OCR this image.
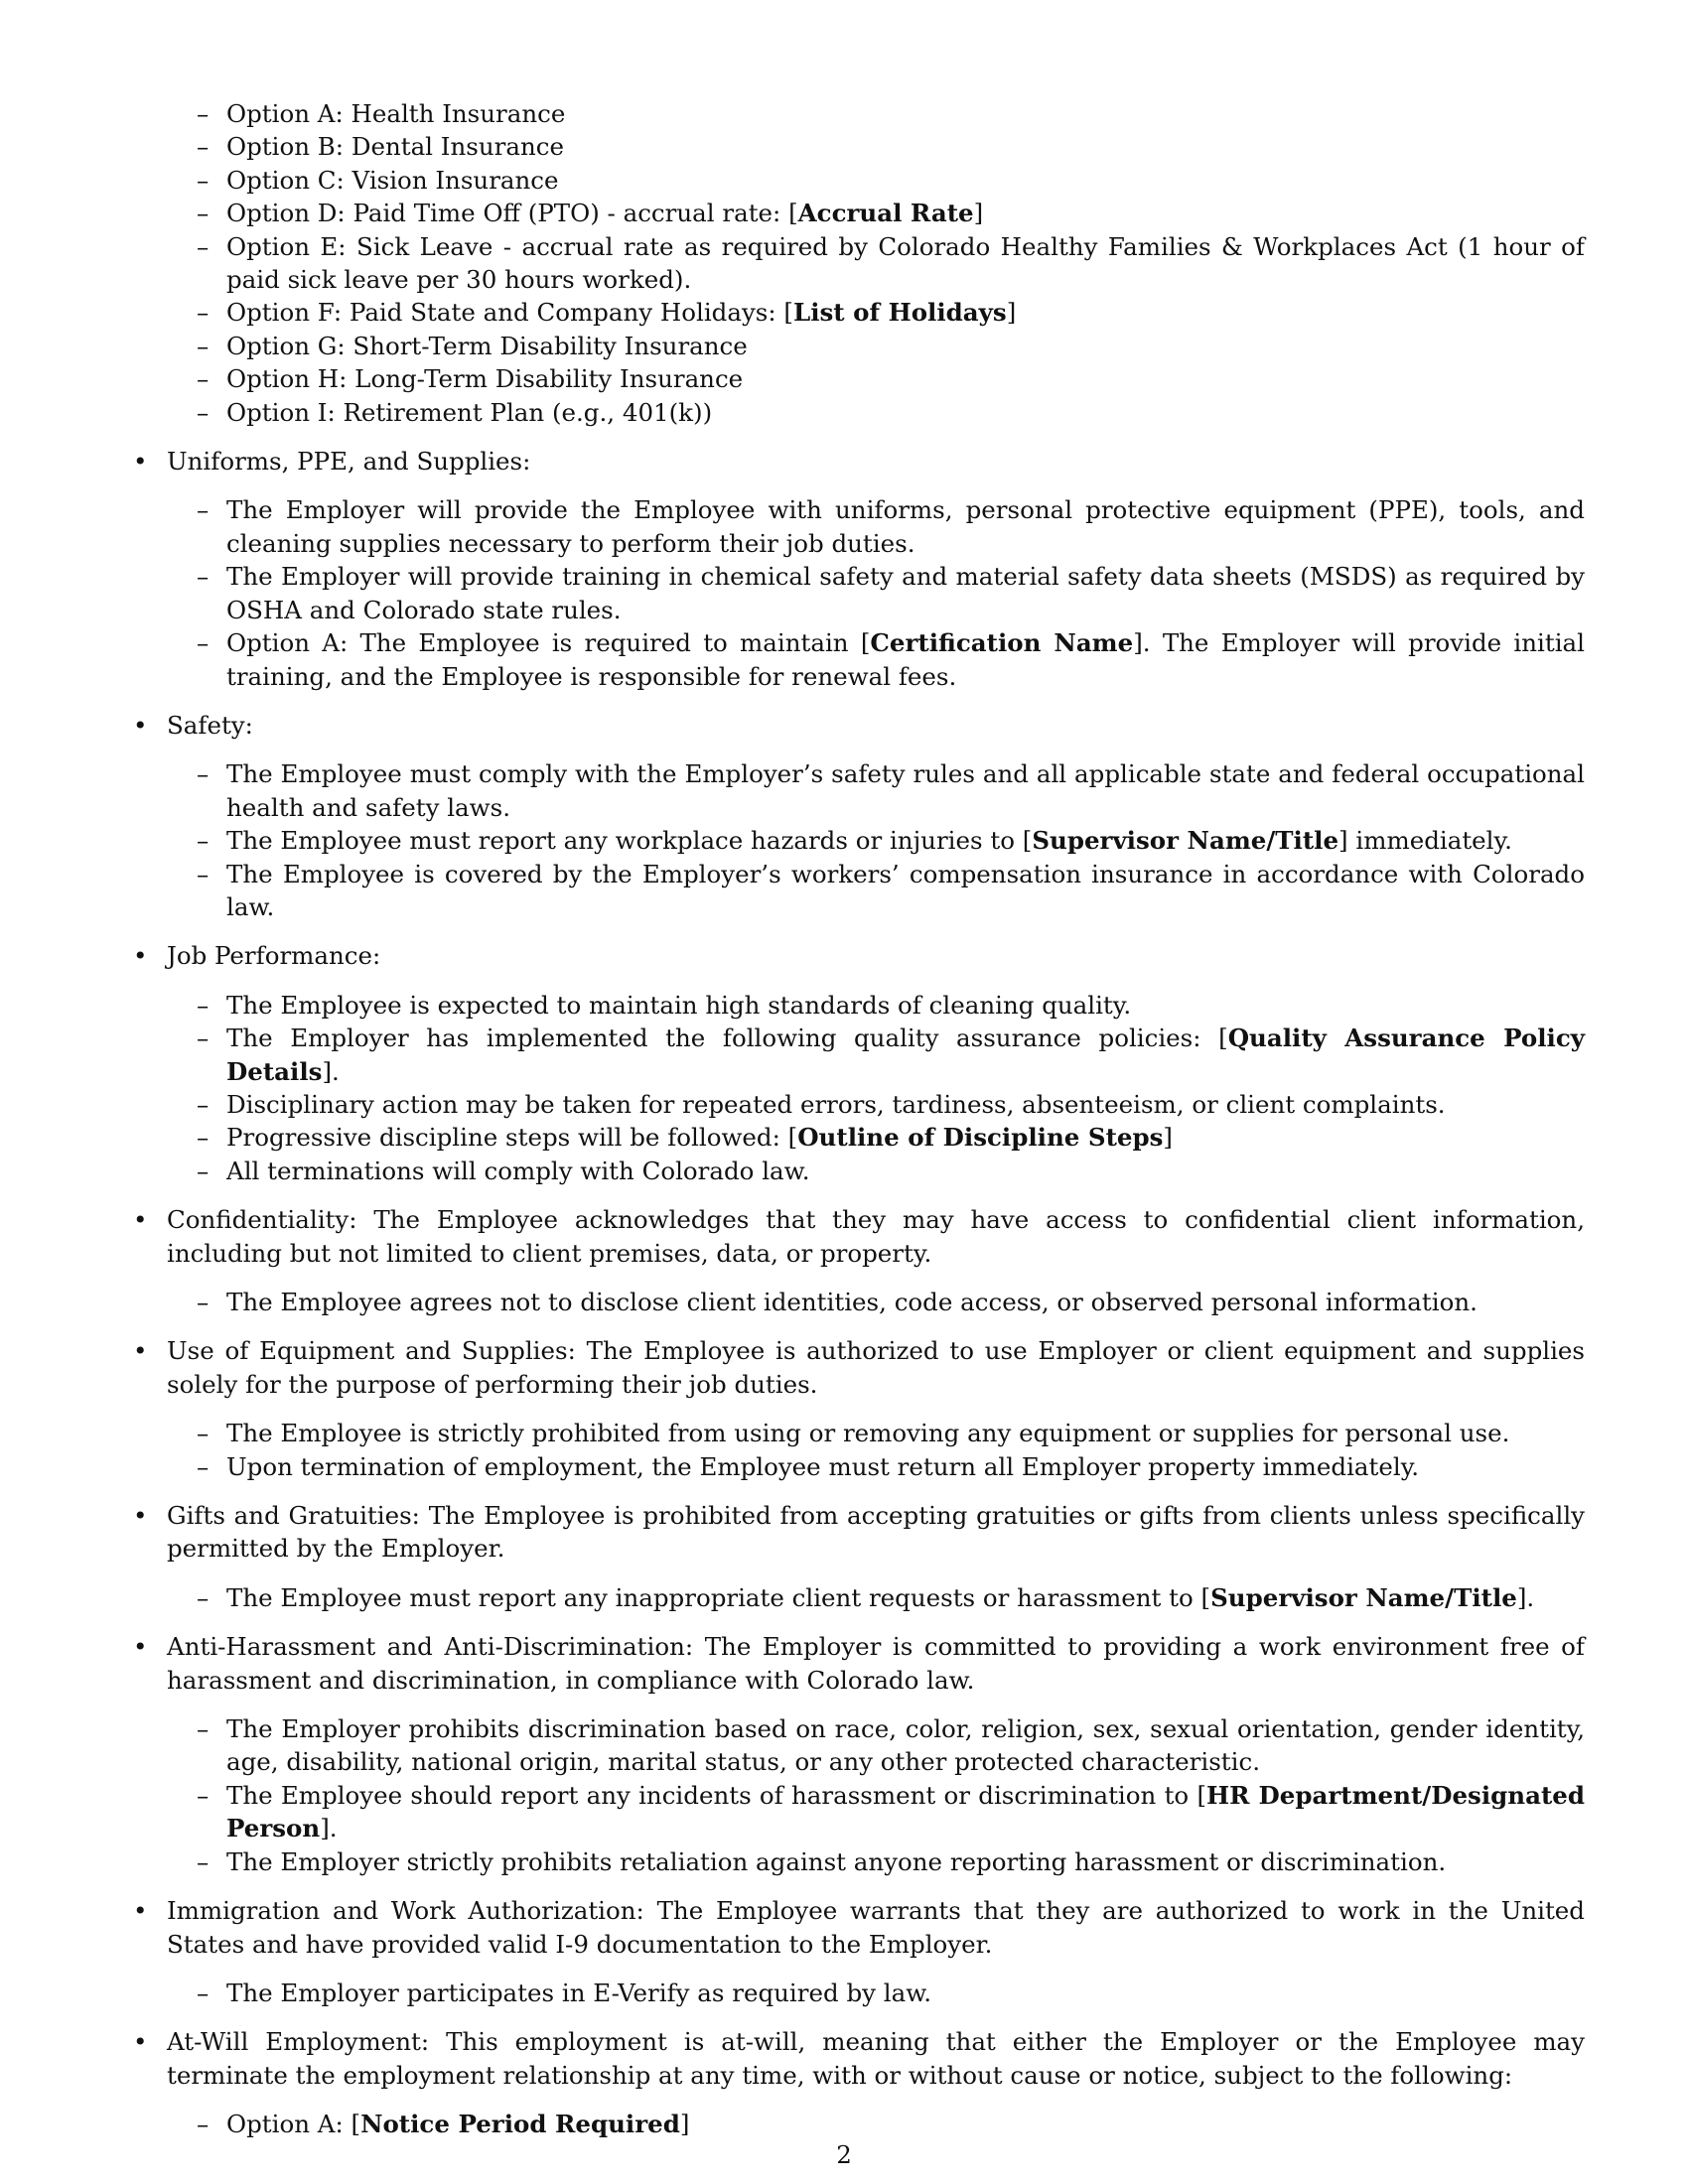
– Option A: Health Insurance
– Option B: Dental Insurance
– Option C: Vision Insurance
– Option D: Paid Time Off (PTO) - accrual rate: [Accrual Rate]
– Option E: Sick Leave - accrual rate as required by Colorado Healthy Families & Workplaces Act (1 hour of paid sick leave per 30 hours worked).
– Option F: Paid State and Company Holidays: [List of Holidays]
– Option G: Short-Term Disability Insurance
– Option H: Long-Term Disability Insurance
– Option I: Retirement Plan (e.g., 401(k))
• Uniforms, PPE, and Supplies:
– The Employer will provide the Employee with uniforms, personal protective equipment (PPE), tools, and cleaning supplies necessary to perform their job duties.
– The Employer will provide training in chemical safety and material safety data sheets (MSDS) as required by OSHA and Colorado state rules.
– Option A: The Employee is required to maintain [Certification Name]. The Employer will provide initial training, and the Employee is responsible for renewal fees.
• Safety:
– The Employee must comply with the Employer’s safety rules and all applicable state and federal occupational health and safety laws.
– The Employee must report any workplace hazards or injuries to [Supervisor Name/Title] immediately.
– The Employee is covered by the Employer’s workers’ compensation insurance in accordance with Colorado law.
• Job Performance:
– The Employee is expected to maintain high standards of cleaning quality.
– The Employer has implemented the following quality assurance policies: [Quality Assurance Policy Details].
– Disciplinary action may be taken for repeated errors, tardiness, absenteeism, or client complaints.
– Progressive discipline steps will be followed: [Outline of Discipline Steps]
– All terminations will comply with Colorado law.
• Confidentiality: The Employee acknowledges that they may have access to confidential client information, including but not limited to client premises, data, or property.
– The Employee agrees not to disclose client identities, code access, or observed personal information.
• Use of Equipment and Supplies: The Employee is authorized to use Employer or client equipment and supplies solely for the purpose of performing their job duties.
– The Employee is strictly prohibited from using or removing any equipment or supplies for personal use.
– Upon termination of employment, the Employee must return all Employer property immediately.
• Gifts and Gratuities: The Employee is prohibited from accepting gratuities or gifts from clients unless specifically permitted by the Employer.
– The Employee must report any inappropriate client requests or harassment to [Supervisor Name/Title].
• Anti-Harassment and Anti-Discrimination: The Employer is committed to providing a work environment free of harassment and discrimination, in compliance with Colorado law.
– The Employer prohibits discrimination based on race, color, religion, sex, sexual orientation, gender identity, age, disability, national origin, marital status, or any other protected characteristic.
– The Employee should report any incidents of harassment or discrimination to [HR Department/Designated Person].
– The Employer strictly prohibits retaliation against anyone reporting harassment or discrimination.
• Immigration and Work Authorization: The Employee warrants that they are authorized to work in the United States and have provided valid I-9 documentation to the Employer.
– The Employer participates in E-Verify as required by law.
• At-Will Employment: This employment is at-will, meaning that either the Employer or the Employee may terminate the employment relationship at any time, with or without cause or notice, subject to the following:
– Option A: [Notice Period Required]
2
